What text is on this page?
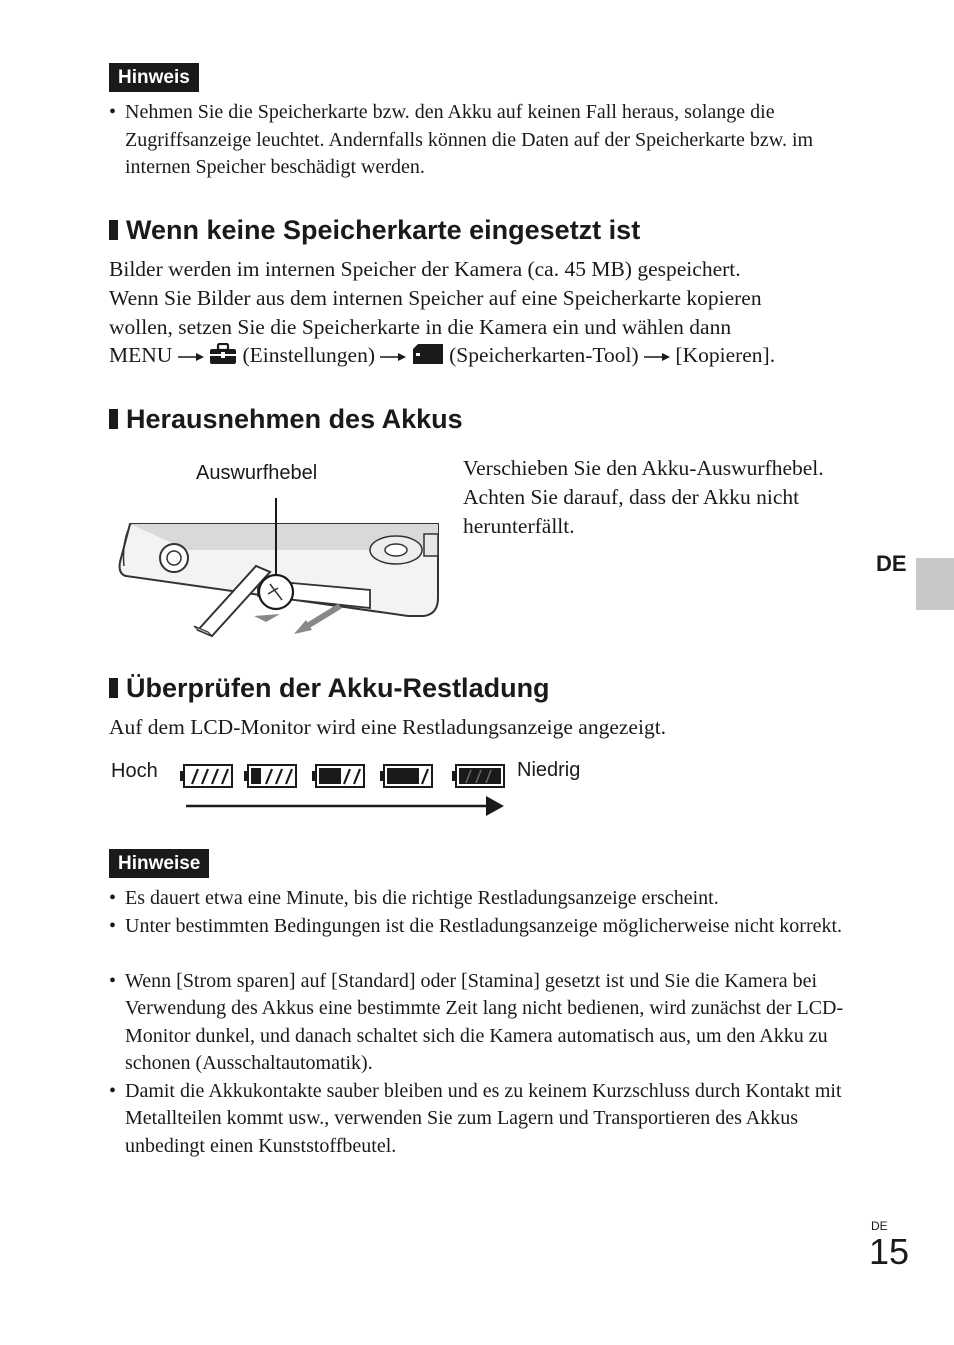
Hinweis
• Nehmen Sie die Speicherkarte bzw. den Akku auf keinen Fall heraus, solange die Zugriffsanzeige leuchtet. Andernfalls können die Daten auf der Speicherkarte bzw. im internen Speicher beschädigt werden.
Wenn keine Speicherkarte eingesetzt ist
Bilder werden im internen Speicher der Kamera (ca. 45 MB) gespeichert.
Wenn Sie Bilder aus dem internen Speicher auf eine Speicherkarte kopieren
wollen, setzen Sie die Speicherkarte in die Kamera ein und wählen dann
MENU	(Einstellungen)	(Speicherkarten-Tool) [Kopieren].
Herausnehmen des Akkus
Auswurfhebel	Verschieben Sie den Akku-Auswurfhebel. Achten Sie darauf, dass der Akku nicht herunterfällt.
DE
Überprüfen der Akku-Restladung
Auf dem LCD-Monitor wird eine Restladungsanzeige angezeigt.
Hoch	Niedrig
Hinweise
• Es dauert etwa eine Minute, bis die richtige Restladungsanzeige erscheint.
• Unter bestimmten Bedingungen ist die Restladungsanzeige möglicherweise nicht korrekt.
• Wenn [Strom sparen] auf [Standard] oder [Stamina] gesetzt ist und Sie die Kamera bei Verwendung des Akkus eine bestimmte Zeit lang nicht bedienen, wird zunächst der LCD-Monitor dunkel, und danach schaltet sich die Kamera automatisch aus, um den Akku zu schonen (Ausschaltautomatik).
• Damit die Akkukontakte sauber bleiben und es zu keinem Kurzschluss durch Kontakt mit Metallteilen kommt usw., verwenden Sie zum Lagern und Transportieren des Akkus unbedingt einen Kunststoffbeutel.
DE
15
